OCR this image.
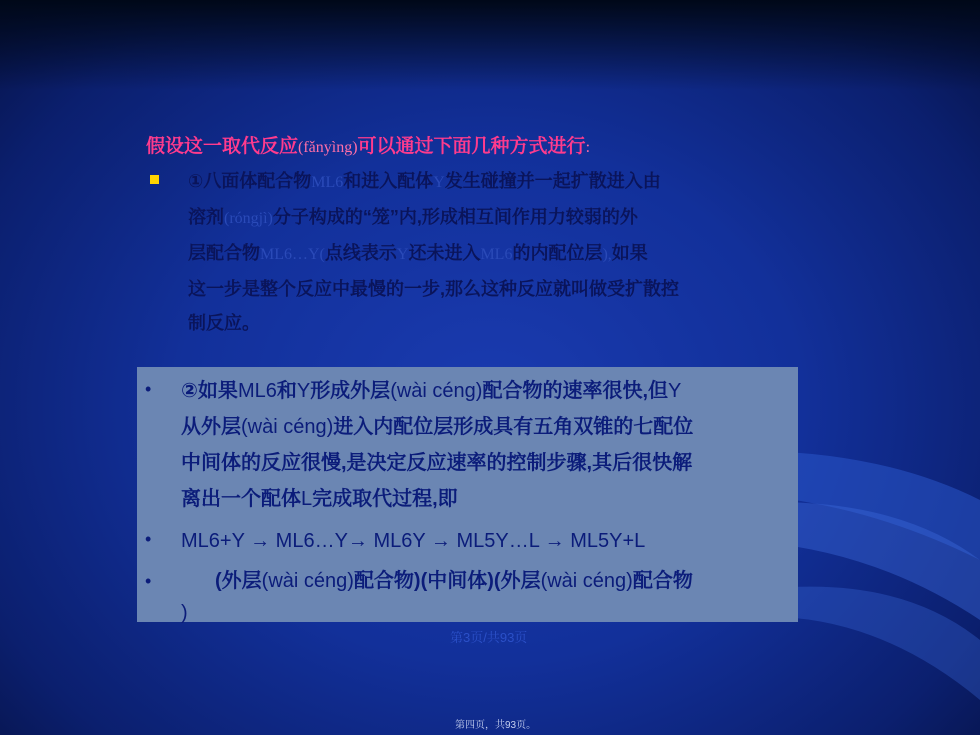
假设这一取代反应(fǎnyìng)可以通过下面几种方式进行:
①八面体配合物ML6和进入配体Y发生碰撞并一起扩散进入由
溶剂(róngjì)分子构成的“笼”内,形成相互间作用力较弱的外
层配合物ML6…Y(点线表示Y还未进入ML6的内配位层),如果
这一步是整个反应中最慢的一步,那么这种反应就叫做受扩散控
制反应。
• ②如果ML6和Y形成外层(wài céng)配合物的速率很快,但Y
从外层(wài céng)进入内配位层形成具有五角双锥的七配位
中间体的反应很慢,是决定反应速率的控制步骤,其后很快解
离出一个配体L完成取代过程,即
• ML6+Y → ML6…Y→ ML6Y → ML5Y…L → ML5Y+L
•	(外层(wài céng)配合物)(中间体)(外层(wài céng)配合物
)
第3页/共93页
第四页，共93页。
